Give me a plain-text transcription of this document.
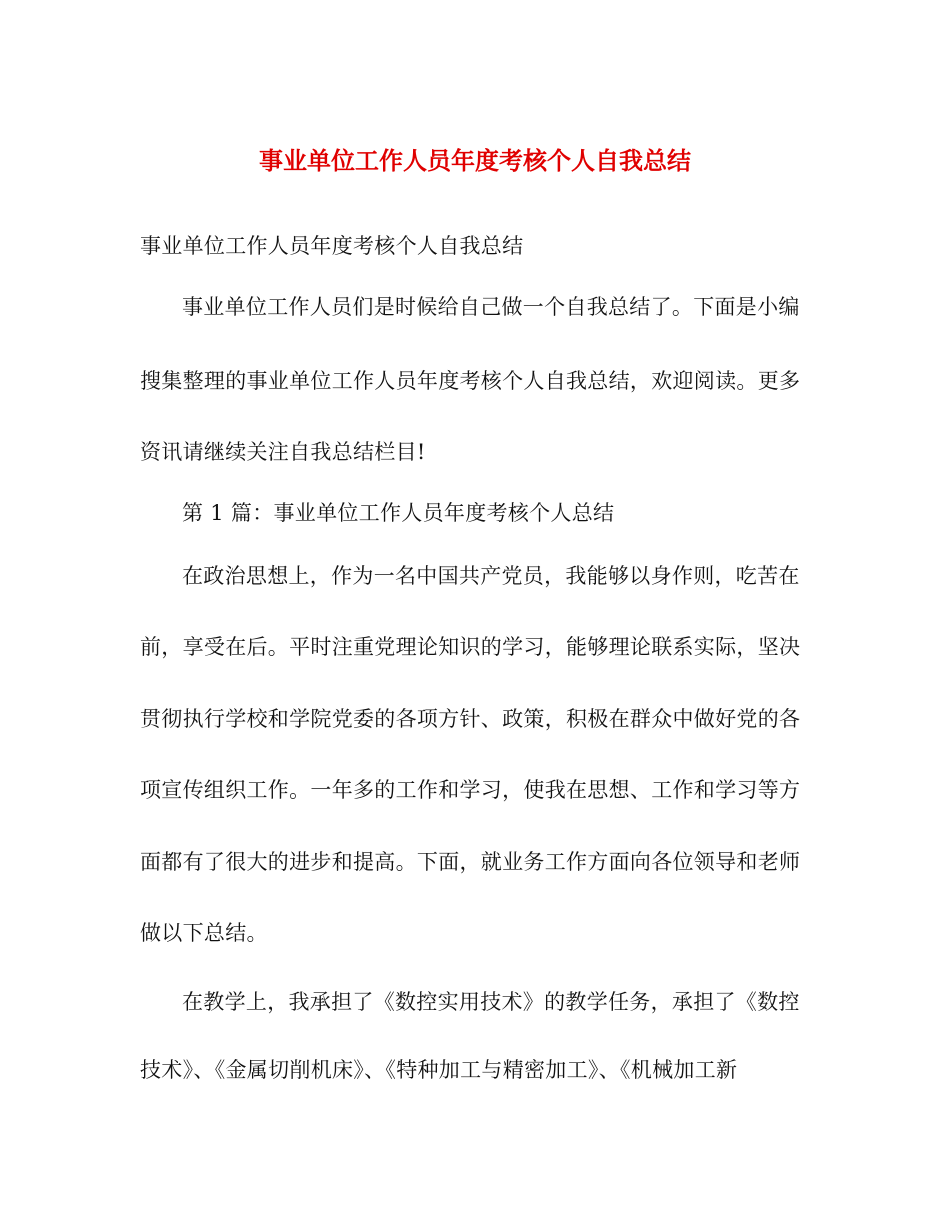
事业单位工作人员年度考核个人自我总结

事业单位工作人员年度考核个人自我总结

事业单位工作人员们是时候给自己做一个自我总结了。下面是小编

搜集整理的事业单位工作人员年度考核个人自我总结，欢迎阅读。更多

资讯请继续关注自我总结栏目!

第 1 篇：事业单位工作人员年度考核个人总结

在政治思想上，作为一名中国共产党员，我能够以身作则，吃苦在

前，享受在后。平时注重党理论知识的学习，能够理论联系实际，坚决

贯彻执行学校和学院党委的各项方针、政策，积极在群众中做好党的各

项宣传组织工作。一年多的工作和学习，使我在思想、工作和学习等方

面都有了很大的进步和提高。下面，就业务工作方面向各位领导和老师

做以下总结。

在教学上，我承担了《数控实用技术》的教学任务，承担了《数控

技术》、《金属切削机床》、《特种加工与精密加工》、《机械加工新
